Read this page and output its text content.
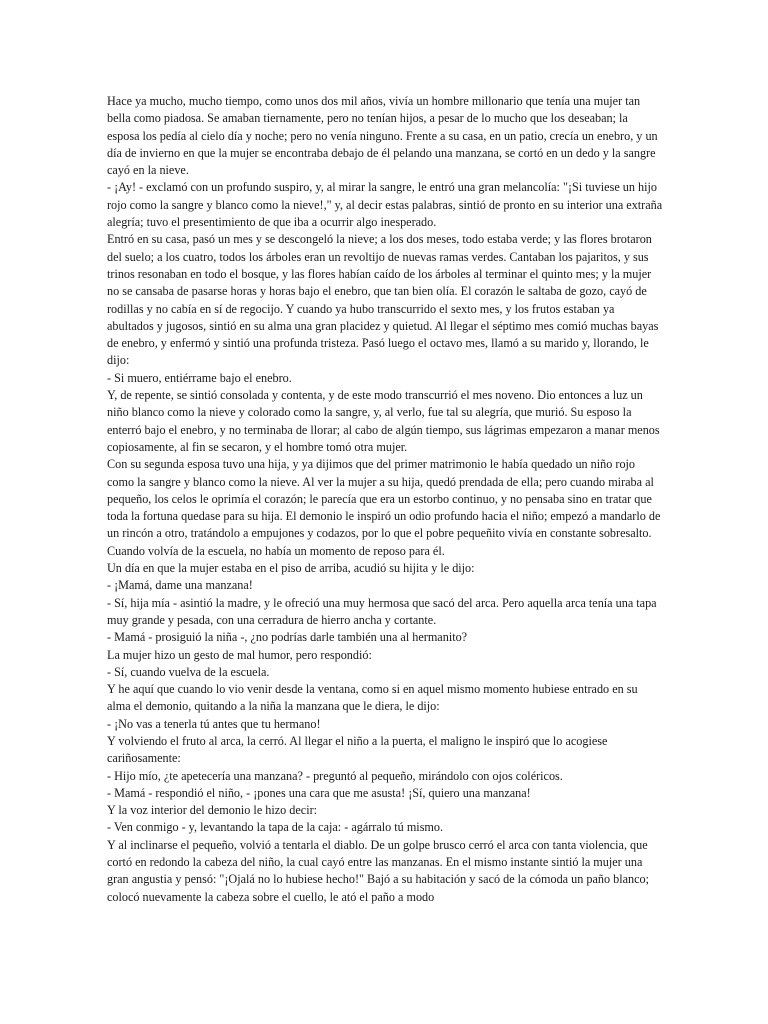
Hace ya mucho, mucho tiempo, como unos dos mil años, vivía un hombre millonario que tenía una mujer tan bella como piadosa. Se amaban tiernamente, pero no tenían hijos, a pesar de lo mucho que los deseaban; la esposa los pedía al cielo día y noche; pero no venía ninguno. Frente a su casa, en un patio, crecía un enebro, y un día de invierno en que la mujer se encontraba debajo de él pelando una manzana, se cortó en un dedo y la sangre cayó en la nieve.

- ¡Ay! - exclamó con un profundo suspiro, y, al mirar la sangre, le entró una gran melancolía: "¡Si tuviese un hijo rojo como la sangre y blanco como la nieve!," y, al decir estas palabras, sintió de pronto en su interior una extraña alegría; tuvo el presentimiento de que iba a ocurrir algo inesperado.

Entró en su casa, pasó un mes y se descongeló la nieve; a los dos meses, todo estaba verde; y las flores brotaron del suelo; a los cuatro, todos los árboles eran un revoltijo de nuevas ramas verdes. Cantaban los pajaritos, y sus trinos resonaban en todo el bosque, y las flores habían caído de los árboles al terminar el quinto mes; y la mujer no se cansaba de pasarse horas y horas bajo el enebro, que tan bien olía. El corazón le saltaba de gozo, cayó de rodillas y no cabía en sí de regocijo. Y cuando ya hubo transcurrido el sexto mes, y los frutos estaban ya abultados y jugosos, sintió en su alma una gran placidez y quietud. Al llegar el séptimo mes comió muchas bayas de enebro, y enfermó y sintió una profunda tristeza. Pasó luego el octavo mes, llamó a su marido y, llorando, le dijo:

- Si muero, entiérrame bajo el enebro.

Y, de repente, se sintió consolada y contenta, y de este modo transcurrió el mes noveno. Dio entonces a luz un niño blanco como la nieve y colorado como la sangre, y, al verlo, fue tal su alegría, que murió. Su esposo la enterró bajo el enebro, y no terminaba de llorar; al cabo de algún tiempo, sus lágrimas empezaron a manar menos copiosamente, al fin se secaron, y el hombre tomó otra mujer.

Con su segunda esposa tuvo una hija, y ya dijimos que del primer matrimonio le había quedado un niño rojo como la sangre y blanco como la nieve. Al ver la mujer a su hija, quedó prendada de ella; pero cuando miraba al pequeño, los celos le oprimía el corazón; le parecía que era un estorbo continuo, y no pensaba sino en tratar que toda la fortuna quedase para su hija. El demonio le inspiró un odio profundo hacia el niño; empezó a mandarlo de un rincón a otro, tratándolo a empujones y codazos, por lo que el pobre pequeñito vivía en constante sobresalto. Cuando volvía de la escuela, no había un momento de reposo para él.

Un día en que la mujer estaba en el piso de arriba, acudió su hijita y le dijo:

- ¡Mamá, dame una manzana!

- Sí, hija mía - asintió la madre, y le ofreció una muy hermosa que sacó del arca. Pero aquella arca tenía una tapa muy grande y pesada, con una cerradura de hierro ancha y cortante.

- Mamá - prosiguió la niña -, ¿no podrías darle también una al hermanito?

La mujer hizo un gesto de mal humor, pero respondió:

- Sí, cuando vuelva de la escuela.

Y he aquí que cuando lo vio venir desde la ventana, como si en aquel mismo momento hubiese entrado en su alma el demonio, quitando a la niña la manzana que le diera, le dijo:

- ¡No vas a tenerla tú antes que tu hermano!

Y volviendo el fruto al arca, la cerró. Al llegar el niño a la puerta, el maligno le inspiró que lo acogiese cariñosamente:

- Hijo mío, ¿te apetecería una manzana? - preguntó al pequeño, mirándolo con ojos coléricos.

- Mamá - respondió el niño, - ¡pones una cara que me asusta! ¡Sí, quiero una manzana!

Y la voz interior del demonio le hizo decir:

- Ven conmigo - y, levantando la tapa de la caja: - agárralo tú mismo.

Y al inclinarse el pequeño, volvió a tentarla el diablo. De un golpe brusco cerró el arca con tanta violencia, que cortó en redondo la cabeza del niño, la cual cayó entre las manzanas. En el mismo instante sintió la mujer una gran angustia y pensó: "¡Ojalá no lo hubiese hecho!" Bajó a su habitación y sacó de la cómoda un paño blanco; colocó nuevamente la cabeza sobre el cuello, le ató el paño a modo
